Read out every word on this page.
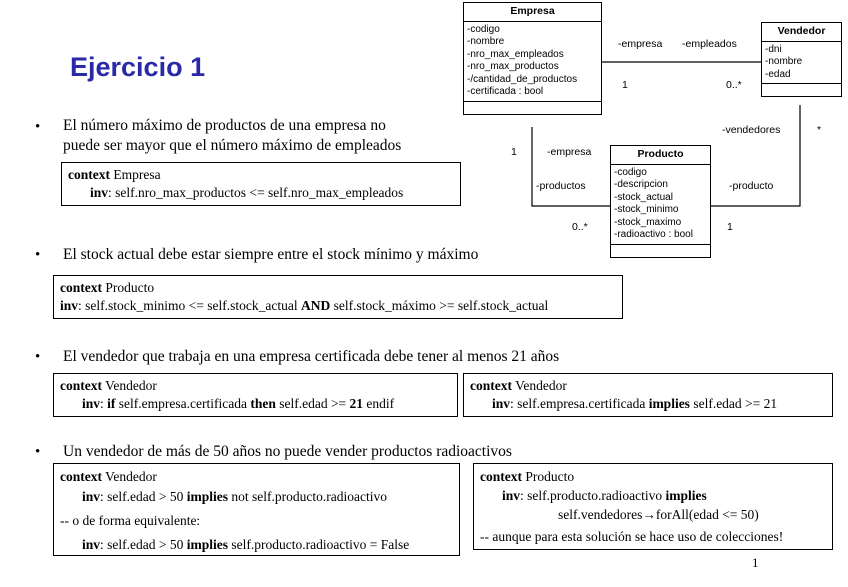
Ejercicio 1
Empresa
-codigo
-nombre
-nro_max_empleados
-nro_max_productos
-/cantidad_de_productos
-certificada : bool
Vendedor
-dni
-nombre
-edad
Producto
-codigo
-descripcion
-stock_actual
-stock_minimo
-stock_maximo
-radioactivo : bool
-empresa -empleados
1	0..*
-vendedores	*
-producto
1
1	-empresa
-productos
0..*
• El número máximo de productos de una empresa no
puede ser mayor que el número máximo de empleados
context Empresa
inv: self.nro_max_productos <= self.nro_max_empleados
• El stock actual debe estar siempre entre el stock mínimo y máximo
context Producto
inv: self.stock_minimo <= self.stock_actual AND self.stock_máximo >= self.stock_actual
• El vendedor que trabaja en una empresa certificada debe tener al menos 21 años
context Vendedor
inv: if self.empresa.certificada then self.edad >= 21 endif
context Vendedor
inv: self.empresa.certificada implies self.edad >= 21
• Un vendedor de más de 50 años no puede vender productos radioactivos
context Vendedor
inv: self.edad > 50 implies not self.producto.radioactivo
-- o de forma equivalente:
inv: self.edad > 50 implies self.producto.radioactivo = False
context Producto
inv: self.producto.radioactivo implies
self.vendedores→forAll(edad <= 50)
-- aunque para esta solución se hace uso de colecciones!
1
